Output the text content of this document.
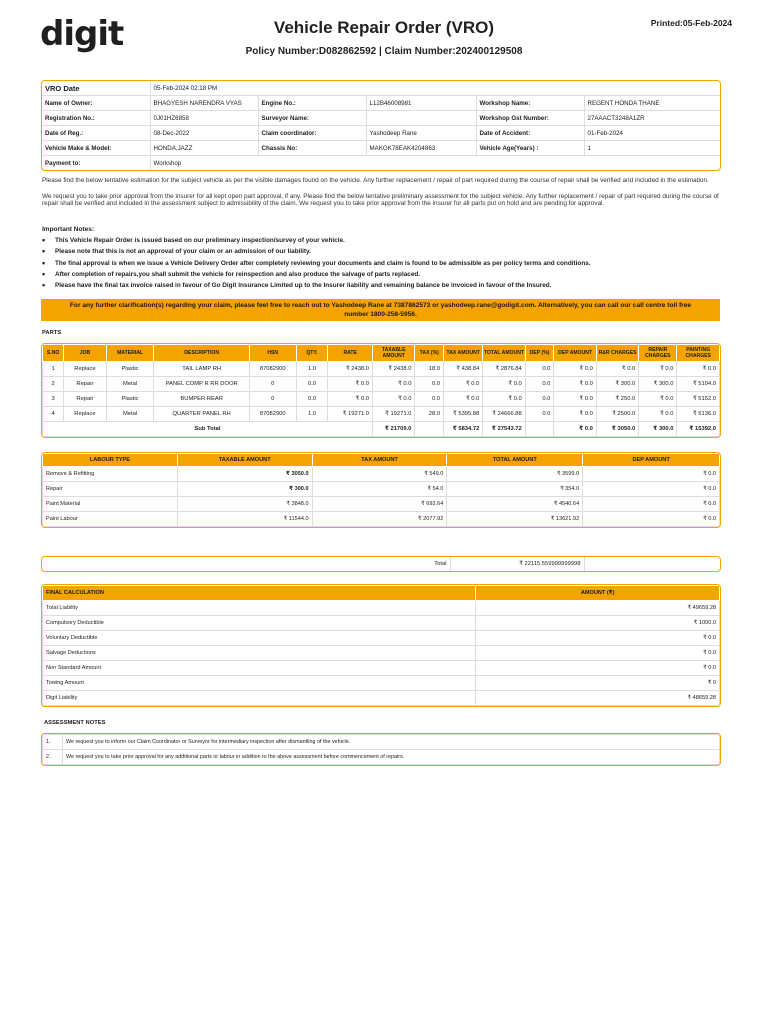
digit	Vehicle Repair Order (VRO)
Policy Number:D082862592 | Claim Number:202400129508
Printed:05-Feb-2024
VRO Date	05-Feb-2024 02:18 PM				
Name of Owner:	BHAGYESH NARENDRA VYAS	Engine No.:	L12B46008981	Workshop Name:	REGENT HONDA THANE
Registration No.:	0J01HZ6858	Surveyor Name:		Workshop Gst Number:	27AAACT3248A1ZR
Date of Reg.:	08-Dec-2022	Claim coordinator:	Yashodeep Rane	Date of Accident:	01-Feb-2024
Vehicle Make & Model:	HONDA,JAZZ	Chassis No:	MAKGK78EAK4204863	Vehicle Age(Years) :	1
Payment to:	Workshop				
Please find the below tentative estimation for the subject vehicle as per the visible damages found on the vehicle. Any further replacement / repair of part required during the course of repair shall be verified and included in the estimation.
We request you to take prior approval from the insurer for all kept open part approval, if any. Please find the below tentative preliminary assessment for the subject vehicle. Any further replacement / repair of part required during the course of repair shall be verified and included in the assessment subject to admissibility of the claim. We request you to take prior approval from the insurer for all parts put on hold and are pending for approval.
Important Notes:
• This Vehicle Repair Order is issued based on our preliminary inspection/survey of your vehicle.
• Please note that this is not an approval of your claim or an admission of our liability.
• The final approval is when we issue a Vehicle Delivery Order after completely reviewing your documents and claim is found to be admissible as per policy terms and conditions.
• After completion of repairs,you shall submit the vehicle for reinspection and also produce the salvage of parts replaced.
• Please have the final tax invoice raised in favour of Go Digit Insurance Limited up to the Insurer liability and remaining balance be invoiced in favour of the Insured.
For any further clarification(s) regarding your claim, please feel free to reach out to Yashodeep Rane at 7387862573 or yashodeep.rane@godigit.com. Alternatively, you can call our call centre toll free
number 1800-258-5956.
PARTS
S.NO	JOB	MATERIAL	DESCRIPTION	HSN	QTY.	RATE	TAXABLE AMOUNT	TAX (%)	TAX AMOUNT	TOTAL AMOUNT	DEP (%)	DEP AMOUNT	R&R CHARGES	REPAIR CHARGES	PAINTING CHARGES
1	Replace	Plastic	TAIL LAMP RH	87082900	1.0	₹ 2438.0	₹ 2438.0	18.0	₹ 438.84	₹ 2876.84	0.0	₹ 0.0	₹ 0.0	₹ 0.0	₹ 0.0
2	Repair	Metal	PANEL COMP R RR DOOR	0	0.0	₹ 0.0	₹ 0.0	0.0	₹ 0.0	₹ 0.0	0.0	₹ 0.0	₹ 300.0	₹ 300.0	₹ 5104.0
3	Repair	Plastic	BUMPER REAR	0	0.0	₹ 0.0	₹ 0.0	0.0	₹ 0.0	₹ 0.0	0.0	₹ 0.0	₹ 250.0	₹ 0.0	₹ 5152.0
4	Replace	Metal	QUARTER PANEL RH	87082900	1.0	₹ 19271.0	₹ 19271.0	28.0	₹ 5395.88	₹ 24666.88	0.0	₹ 0.0	₹ 2500.0	₹ 0.0	₹ 5136.0
Sub Total							₹ 21709.0		₹ 5834.72	₹ 27543.72		₹ 0.0	₹ 3050.0	₹ 300.0	₹ 15392.0
LABOUR TYPE	TAXABLE AMOUNT	TAX AMOUNT	TOTAL AMOUNT	DEP AMOUNT
Remove & Refitting	₹ 3050.0	₹ 549.0	₹ 3599.0	₹ 0.0
Repair	₹ 300.0	₹ 54.0	₹ 354.0	₹ 0.0
Paint Material	₹ 3848.0	₹ 692.64	₹ 4540.64	₹ 0.0
Paint Labour	₹ 11544.0	₹ 2077.92	₹ 13621.92	₹ 0.0
Total	₹ 22115.559999999998	
FINAL CALCULATION	AMOUNT (₹)
Total Liability	₹ 49659.28
Compulsory Deductible	₹ 1000.0
Voluntary Deductible	₹ 0.0
Salvage Deductions	₹ 0.0
Non Standard Amount	₹ 0.0
Towing Amount	₹ 0
Digit Liability	₹ 48659.28
ASSESSMENT NOTES
1.	We request you to inform our Claim Coordinator or Surveyor for intermediary inspection after dismantling of the vehicle.
2.	We request you to take prior approval for any additional parts or labour in addition to the above assessment before commencement of repairs.
